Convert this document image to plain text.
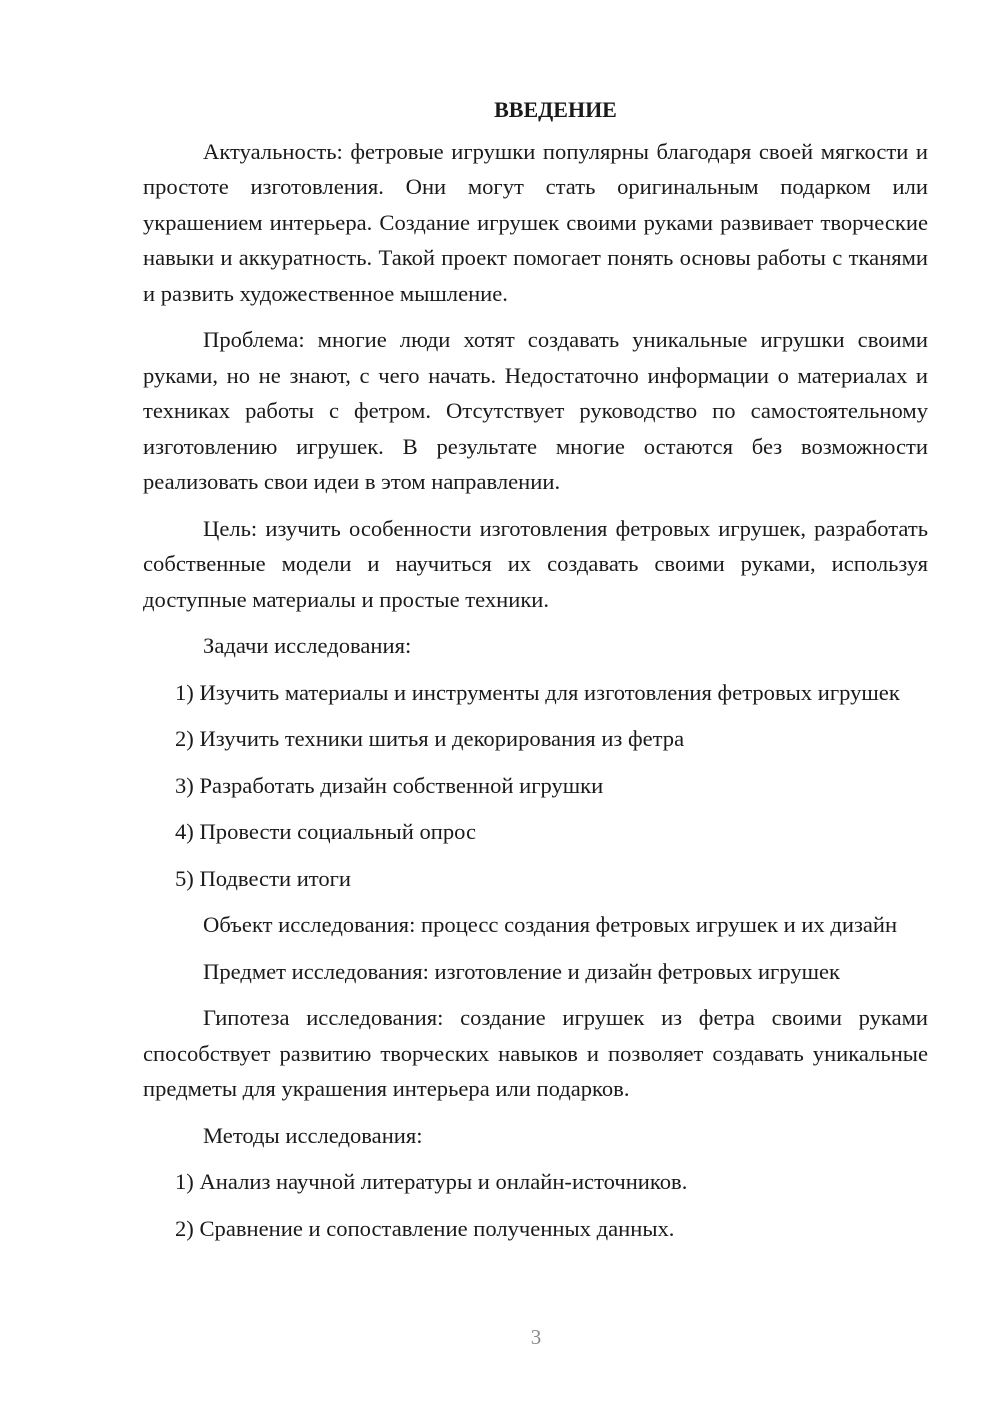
ВВЕДЕНИЕ

Актуальность: фетровые игрушки популярны благодаря своей мягкости и простоте изготовления. Они могут стать оригинальным подарком или украшением интерьера. Создание игрушек своими руками развивает творческие навыки и аккуратность. Такой проект помогает понять основы работы с тканями и развить художественное мышление.

Проблема: многие люди хотят создавать уникальные игрушки своими руками, но не знают, с чего начать. Недостаточно информации о материалах и техниках работы с фетром. Отсутствует руководство по самостоятельному изготовлению игрушек. В результате многие остаются без возможности реализовать свои идеи в этом направлении.

Цель: изучить особенности изготовления фетровых игрушек, разработать собственные модели и научиться их создавать своими руками, используя доступные материалы и простые техники.

Задачи исследования:

1) Изучить материалы и инструменты для изготовления фетровых игрушек

2) Изучить техники шитья и декорирования из фетра

3) Разработать дизайн собственной игрушки

4) Провести социальный опрос

5) Подвести итоги

Объект исследования: процесс создания фетровых игрушек и их дизайн

Предмет исследования: изготовление и дизайн фетровых игрушек

Гипотеза исследования: создание игрушек из фетра своими руками способствует развитию творческих навыков и позволяет создавать уникальные предметы для украшения интерьера или подарков.

Методы исследования:

1) Анализ научной литературы и онлайн-источников.

2) Сравнение и сопоставление полученных данных.

3
